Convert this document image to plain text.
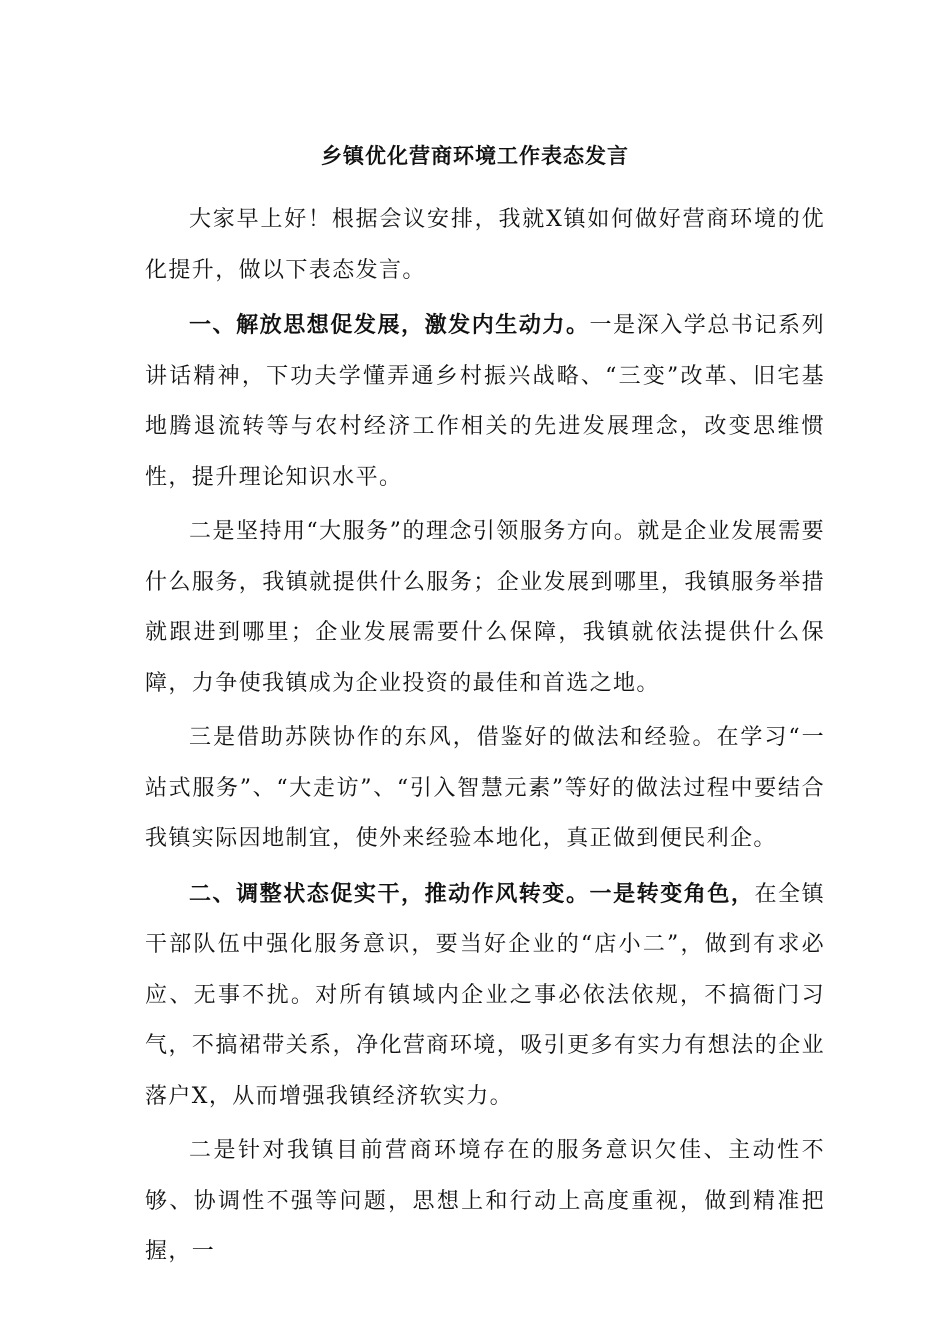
乡镇优化营商环境工作表态发言

大家早上好！根据会议安排，我就X镇如何做好营商环境的优化提升，做以下表态发言。

一、解放思想促发展，激发内生动力。一是深入学总书记系列讲话精神，下功夫学懂弄通乡村振兴战略、“三变”改革、旧宅基地腾退流转等与农村经济工作相关的先进发展理念，改变思维惯性，提升理论知识水平。

二是坚持用“大服务”的理念引领服务方向。就是企业发展需要什么服务，我镇就提供什么服务；企业发展到哪里，我镇服务举措就跟进到哪里；企业发展需要什么保障，我镇就依法提供什么保障，力争使我镇成为企业投资的最佳和首选之地。

三是借助苏陕协作的东风，借鉴好的做法和经验。在学习“一站式服务”、“大走访”、“引入智慧元素”等好的做法过程中要结合我镇实际因地制宜，使外来经验本地化，真正做到便民利企。

二、调整状态促实干，推动作风转变。一是转变角色，在全镇干部队伍中强化服务意识，要当好企业的“店小二”，做到有求必应、无事不扰。对所有镇域内企业之事必依法依规，不搞衙门习气，不搞裙带关系，净化营商环境，吸引更多有实力有想法的企业落户X，从而增强我镇经济软实力。

二是针对我镇目前营商环境存在的服务意识欠佳、主动性不够、协调性不强等问题，思想上和行动上高度重视，做到精准把握，一
